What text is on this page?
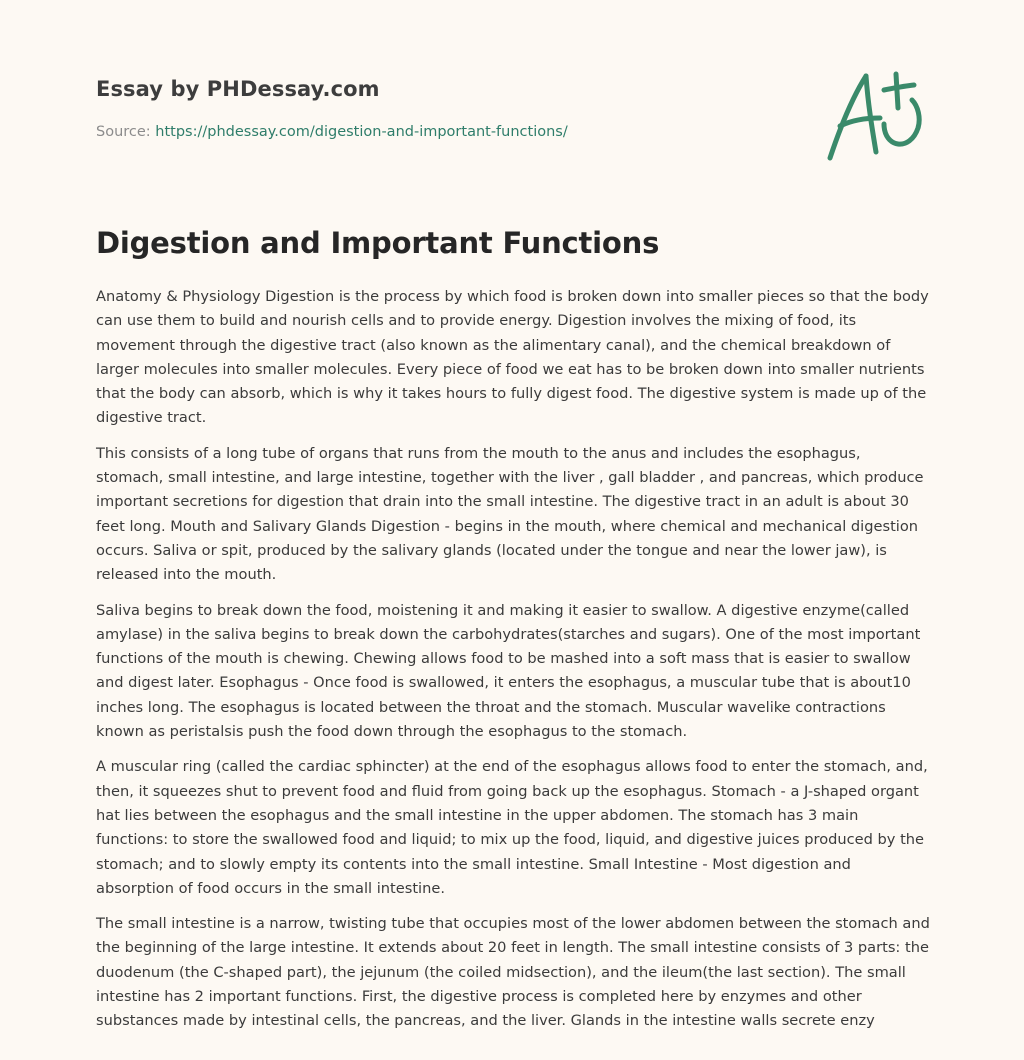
Essay by PHDessay.com
Source: https://phdessay.com/digestion-and-important-functions/
Digestion and Important Functions

Anatomy & Physiology Digestion is the process by which food is broken down into smaller pieces so that the body can use them to build and nourish cells and to provide energy. Digestion involves the mixing of food, its movement through the digestive tract (also known as the alimentary canal), and the chemical breakdown of larger molecules into smaller molecules. Every piece of food we eat has to be broken down into smaller nutrients that the body can absorb, which is why it takes hours to fully digest food. The digestive system is made up of the digestive tract.

This consists of a long tube of organs that runs from the mouth to the anus and includes the esophagus, stomach, small intestine, and large intestine, together with the liver , gall bladder , and pancreas, which produce important secretions for digestion that drain into the small intestine. The digestive tract in an adult is about 30 feet long. Mouth and Salivary Glands Digestion - begins in the mouth, where chemical and mechanical digestion occurs. Saliva or spit, produced by the salivary glands (located under the tongue and near the lower jaw), is released into the mouth.

Saliva begins to break down the food, moistening it and making it easier to swallow. A digestive enzyme(called amylase) in the saliva begins to break down the carbohydrates(starches and sugars). One of the most important functions of the mouth is chewing. Chewing allows food to be mashed into a soft mass that is easier to swallow and digest later. Esophagus - Once food is swallowed, it enters the esophagus, a muscular tube that is about10 inches long. The esophagus is located between the throat and the stomach. Muscular wavelike contractions known as peristalsis push the food down through the esophagus to the stomach.

A muscular ring (called the cardiac sphincter) at the end of the esophagus allows food to enter the stomach, and, then, it squeezes shut to prevent food and fluid from going back up the esophagus. Stomach - a J-shaped organt hat lies between the esophagus and the small intestine in the upper abdomen. The stomach has 3 main functions: to store the swallowed food and liquid; to mix up the food, liquid, and digestive juices produced by the stomach; and to slowly empty its contents into the small intestine. Small Intestine - Most digestion and absorption of food occurs in the small intestine.

The small intestine is a narrow, twisting tube that occupies most of the lower abdomen between the stomach and the beginning of the large intestine. It extends about 20 feet in length. The small intestine consists of 3 parts: the duodenum (the C-shaped part), the jejunum (the coiled midsection), and the ileum(the last section). The small intestine has 2 important functions. First, the digestive process is completed here by enzymes and other substances made by intestinal cells, the pancreas, and the liver. Glands in the intestine walls secrete enzy
